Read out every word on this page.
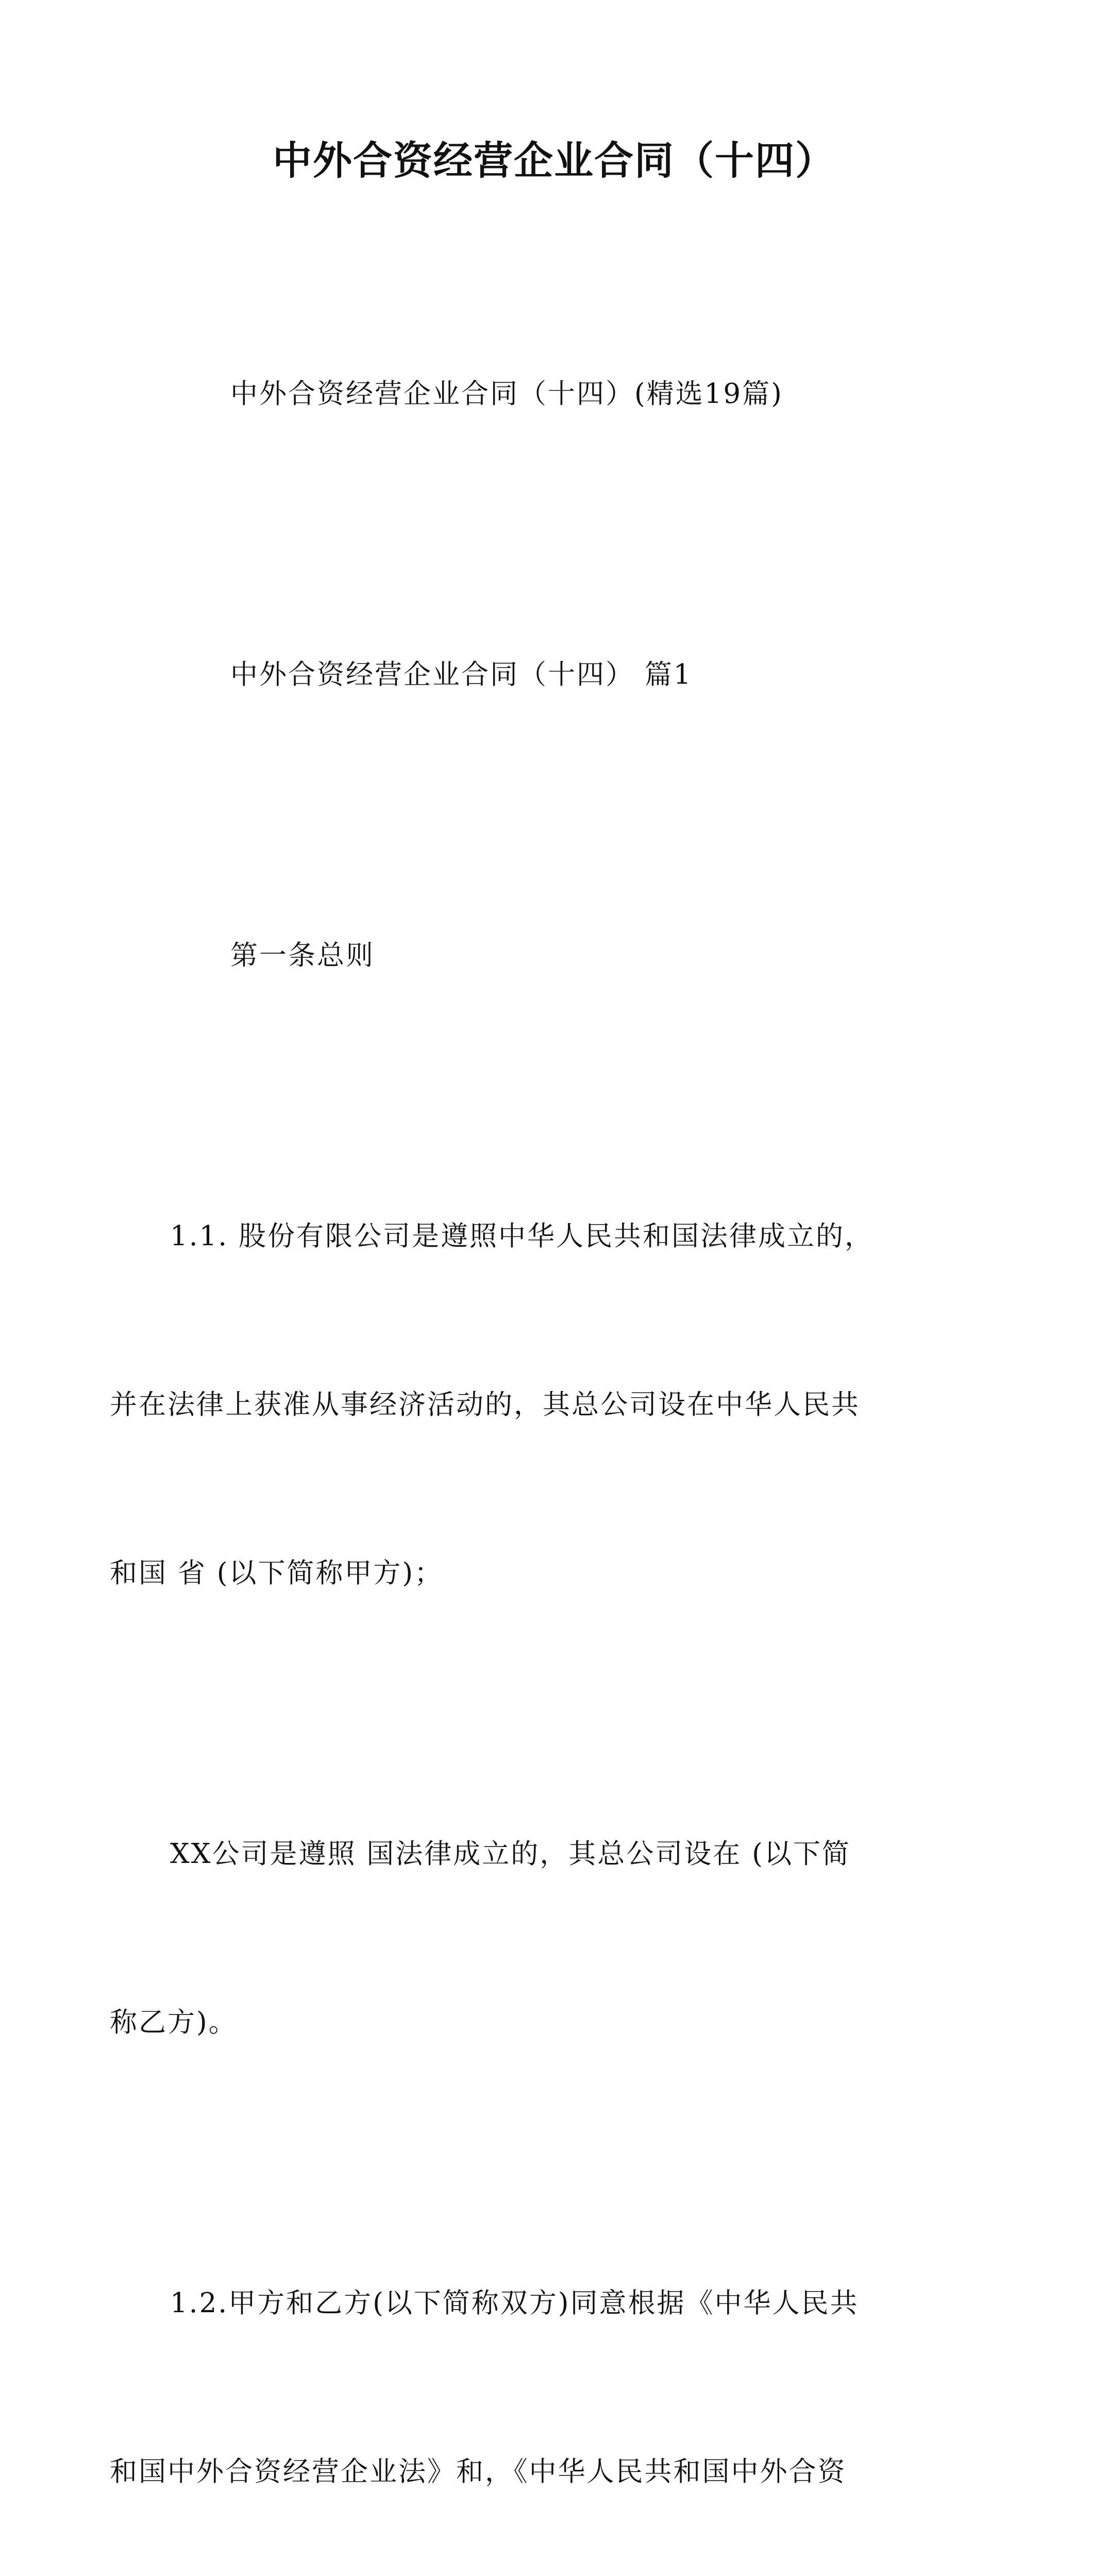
中外合资经营企业合同（十四）

中外合资经营企业合同（十四）(精选19篇)

中外合资经营企业合同（十四） 篇1

第一条总则

1.1. 股份有限公司是遵照中华人民共和国法律成立的，

并在法律上获准从事经济活动的，其总公司设在中华人民共

和国 省 (以下简称甲方)；

XX公司是遵照 国法律成立的，其总公司设在 (以下简

称乙方)。

1.2.甲方和乙方(以下简称双方)同意根据《中华人民共

和国中外合资经营企业法》和，《中华人民共和国中外合资
